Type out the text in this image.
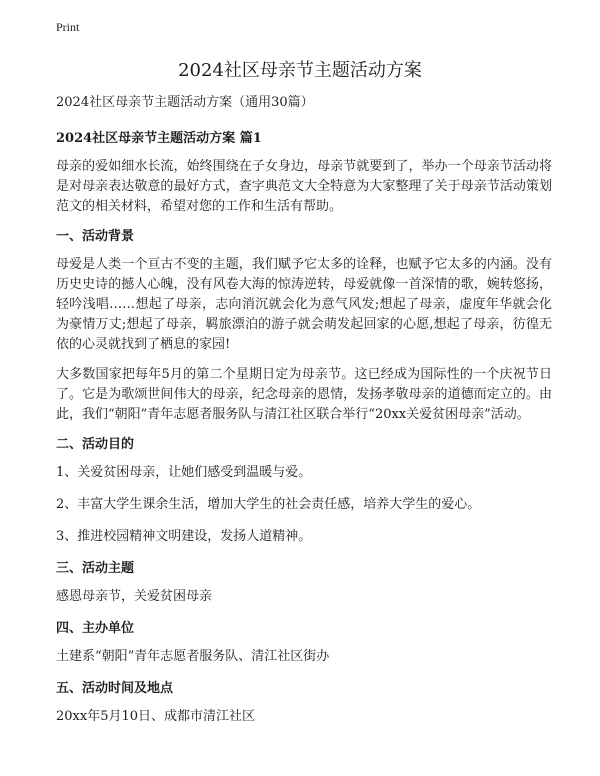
Print
2024社区母亲节主题活动方案
2024社区母亲节主题活动方案（通用30篇）
2024社区母亲节主题活动方案 篇1

母亲的爱如细水长流，始终围绕在子女身边，母亲节就要到了，举办一个母亲节活动将是对母亲表达敬意的最好方式，查字典范文大全特意为大家整理了关于母亲节活动策划范文的相关材料，希望对您的工作和生活有帮助。

一、活动背景

母爱是人类一个亘古不变的主题，我们赋予它太多的诠释，也赋予它太多的内涵。没有历史史诗的撼人心魄，没有风卷大海的惊涛逆转，母爱就像一首深情的歌，婉转悠扬，轻吟浅唱……想起了母亲，志向消沉就会化为意气风发;想起了母亲，虚度年华就会化为豪情万丈;想起了母亲，羁旅漂泊的游子就会萌发起回家的心愿,想起了母亲，彷徨无依的心灵就找到了栖息的家园!

大多数国家把每年5月的第二个星期日定为母亲节。这已经成为国际性的一个庆祝节日了。它是为歌颂世间伟大的母亲，纪念母亲的恩情，发扬孝敬母亲的道德而定立的。由此，我们“朝阳”青年志愿者服务队与清江社区联合举行“20xx关爱贫困母亲”活动。

二、活动目的
1、关爱贫困母亲，让她们感受到温暖与爱。
2、丰富大学生课余生活，增加大学生的社会责任感，培养大学生的爱心。
3、推进校园精神文明建设，发扬人道精神。
三、活动主题
感恩母亲节，关爱贫困母亲
四、主办单位
土建系“朝阳”青年志愿者服务队、清江社区街办
五、活动时间及地点
20xx年5月10日、成都市清江社区
